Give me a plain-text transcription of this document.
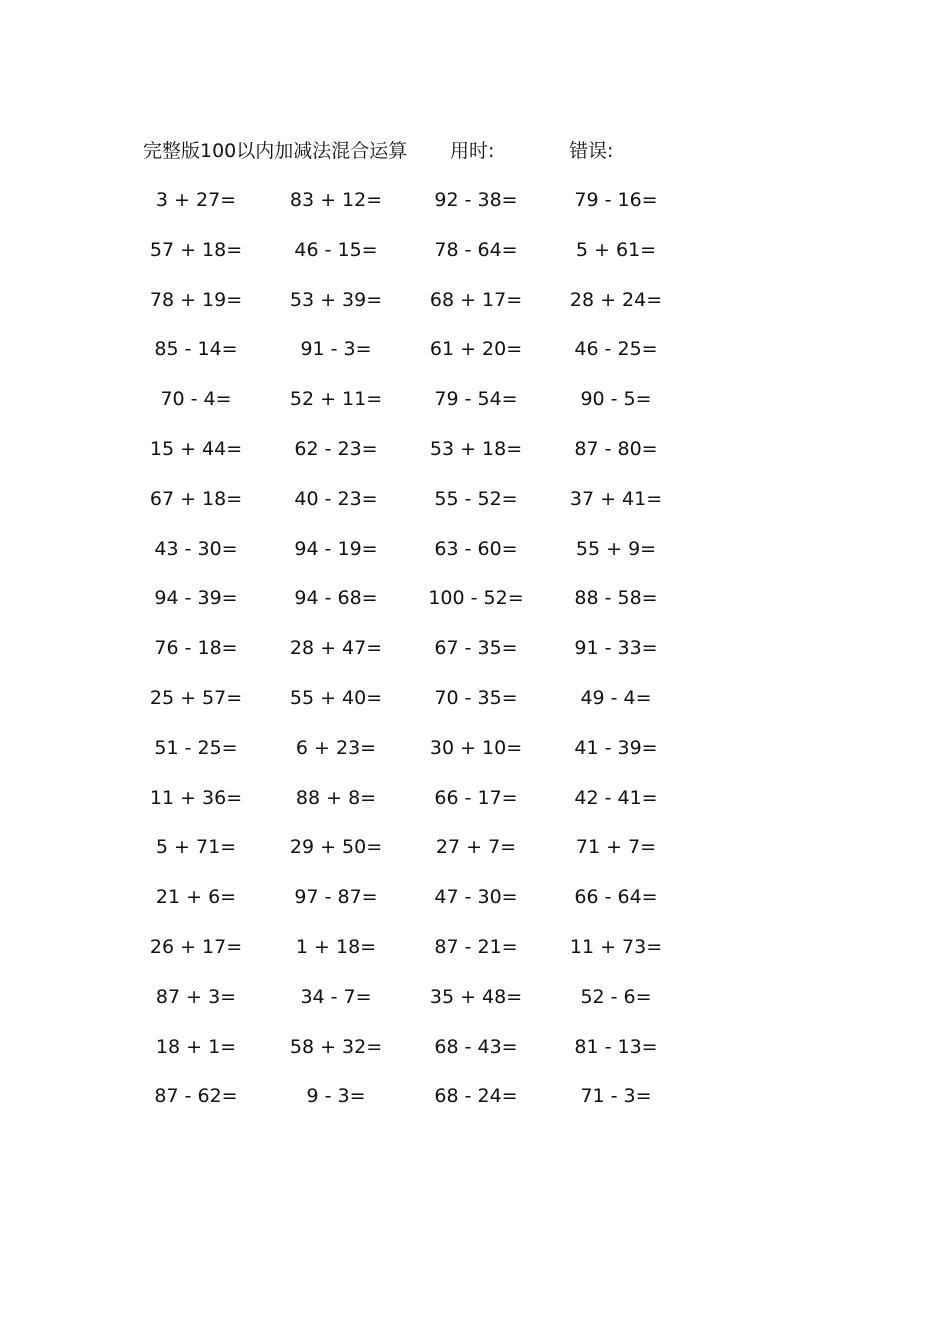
完整版100以内加减法混合运算 用时:	错误:
3 + 27=	83 + 12=	92 - 38=	79 - 16=
57 + 18=	46 - 15=	78 - 64=	5 + 61=
78 + 19=	53 + 39=	68 + 17=	28 + 24=
85 - 14=	91 - 3=	61 + 20=	46 - 25=
70 - 4=	52 + 11=	79 - 54=	90 - 5=
15 + 44=	62 - 23=	53 + 18=	87 - 80=
67 + 18=	40 - 23=	55 - 52=	37 + 41=
43 - 30=	94 - 19=	63 - 60=	55 + 9=
94 - 39=	94 - 68=	100 - 52=	88 - 58=
76 - 18=	28 + 47=	67 - 35=	91 - 33=
25 + 57=	55 + 40=	70 - 35=	49 - 4=
51 - 25=	6 + 23=	30 + 10=	41 - 39=
11 + 36=	88 + 8=	66 - 17=	42 - 41=
5 + 71=	29 + 50=	27 + 7=	71 + 7=
21 + 6=	97 - 87=	47 - 30=	66 - 64=
26 + 17=	1 + 18=	87 - 21=	11 + 73=
87 + 3=	34 - 7=	35 + 48=	52 - 6=
18 + 1=	58 + 32=	68 - 43=	81 - 13=
87 - 62=	9 - 3=	68 - 24=	71 - 3=
